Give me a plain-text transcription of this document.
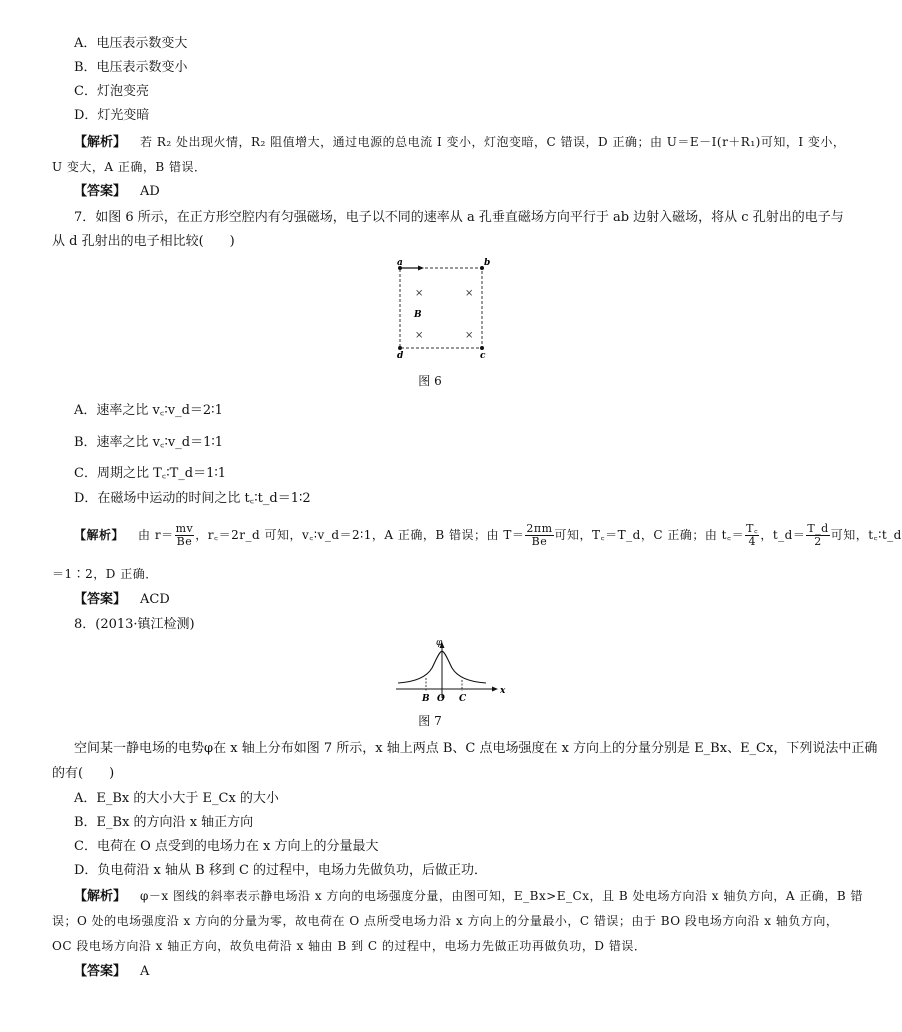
A．电压表示数变大
B．电压表示数变小
C．灯泡变亮
D．灯光变暗
【解析】 若 R₂ 处出现火情，R₂ 阻值增大，通过电源的总电流 I 变小，灯泡变暗，C 错误，D 正确；由 U＝E－I(r＋R₁)可知，I 变小，
U 变大，A 正确，B 错误．
【答案】 AD
7．如图 6 所示，在正方形空腔内有匀强磁场，电子以不同的速率从 a 孔垂直磁场方向平行于 ab 边射入磁场，将从 c 孔射出的电子与
从 d 孔射出的电子相比较(　　)
a	b
c
d
B
×	×
×	×
图 6
A．速率之比 v꜀∶v_d＝2∶1
B．速率之比 v꜀∶v_d＝1∶1
C．周期之比 T꜀∶T_d＝1∶1
D．在磁场中运动的时间之比 t꜀∶t_d＝1∶2
【解析】 由 $r= \frac{mv}{Be}$ ，r꜀＝2r_d 可知，v꜀∶v_d＝2∶1，A 正确，B 错误；由 $T= \frac{2\pi m}{Be}$ 可知，T꜀＝T_d，C 正确；由 t꜀＝ $\frac{T꜀}{4}$ ，t_d＝ $\frac{T\_d}{2}$ 可知，t꜀∶t_d
＝1∶2，D 正确．
【答案】 ACD
8．(2013·镇江检测)
φ
B O C
x
图 7
空间某一静电场的电势φ在 x 轴上分布如图 7 所示，x 轴上两点 B、C 点电场强度在 x 方向上的分量分别是 E_Bx、E_Cx，下列说法中正确
的有(　　)
A．E_Bx 的大小大于 E_Cx 的大小
B．E_Bx 的方向沿 x 轴正方向
C．电荷在 O 点受到的电场力在 x 方向上的分量最大
D．负电荷沿 x 轴从 B 移到 C 的过程中，电场力先做负功，后做正功．
【解析】 φ－x 图线的斜率表示静电场沿 x 方向的电场强度分量，由图可知，E_Bx>E_Cx，且 B 处电场方向沿 x 轴负方向，A 正确，B 错
误；O 处的电场强度沿 x 方向的分量为零，故电荷在 O 点所受电场力沿 x 方向上的分量最小，C 错误；由于 BO 段电场方向沿 x 轴负方向，
OC 段电场方向沿 x 轴正方向，故负电荷沿 x 轴由 B 到 C 的过程中，电场力先做正功再做负功，D 错误．
【答案】 A
